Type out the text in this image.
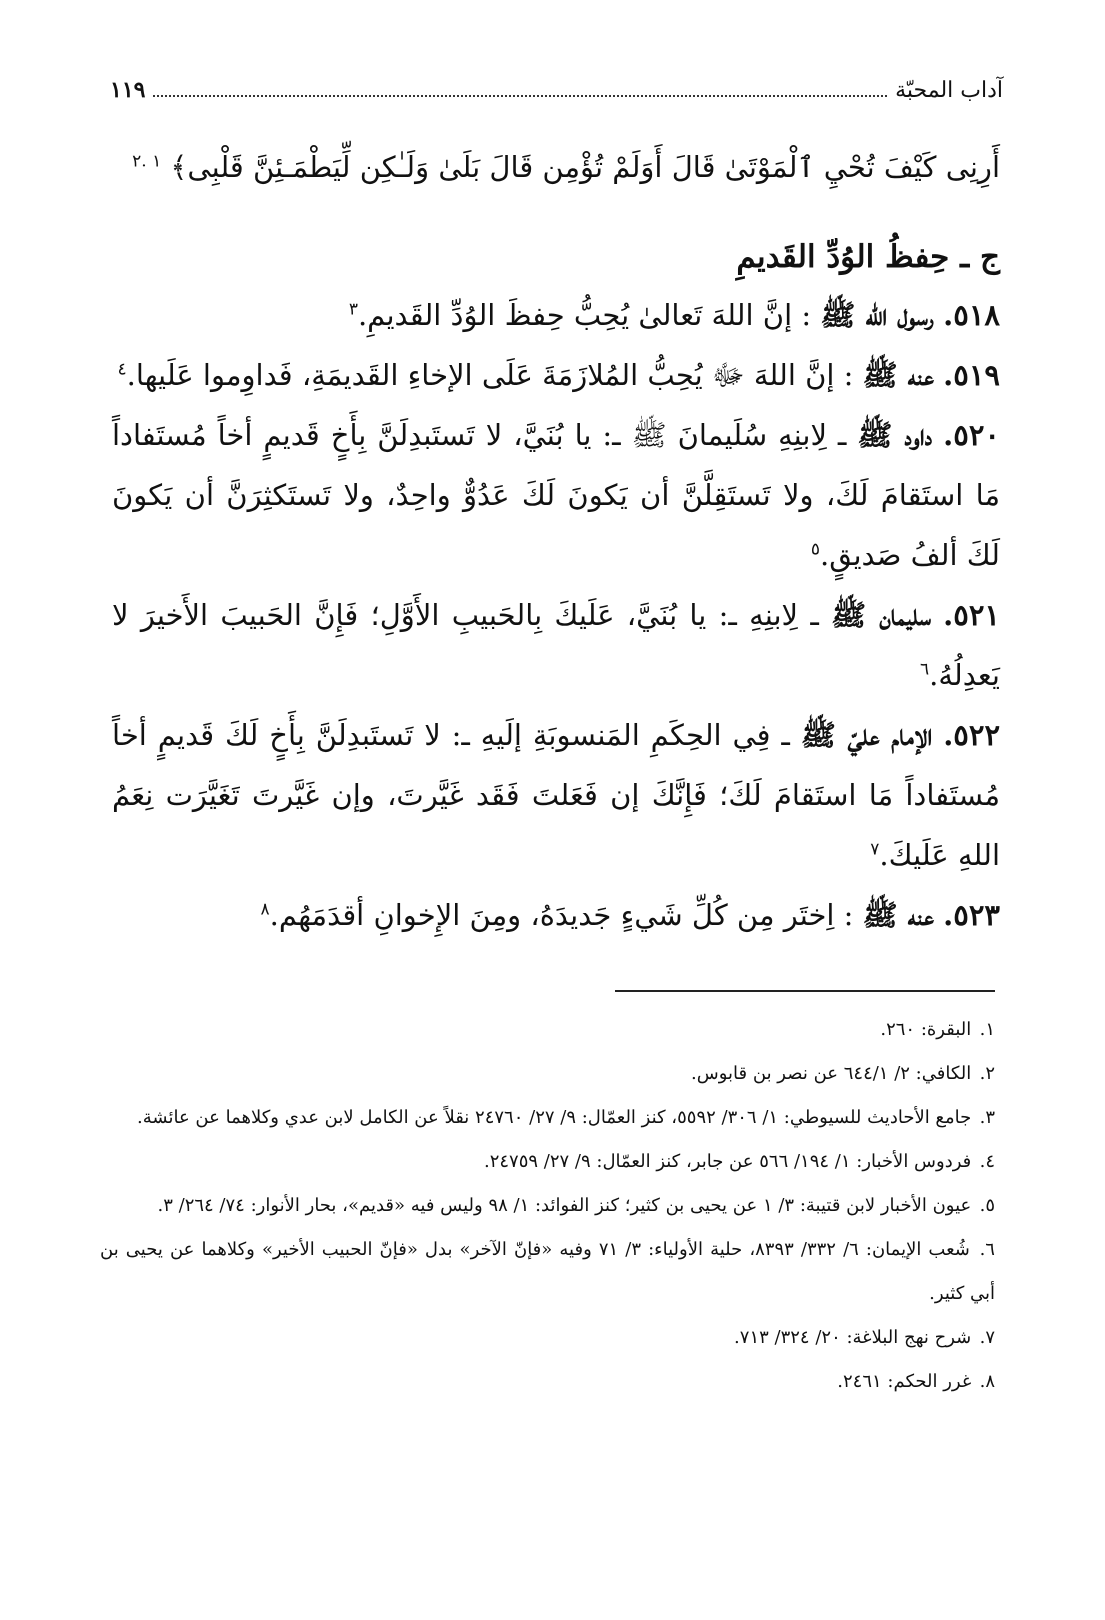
آداب المحبّة
١١٩

أَرِنِى كَيْفَ تُحْيِ ٱلْمَوْتَىٰ قَالَ أَوَلَمْ تُؤْمِن قَالَ بَلَىٰ وَلَـٰكِن لِّيَطْمَـئِنَّ قَلْبِى﴾ $^{١ .٢}$

ج ـ حِفظُ الوُدِّ القَديمِ

٥١٨. رسول الله ﷺ : إنَّ اللهَ تَعالىٰ يُحِبُّ حِفظَ الوُدِّ القَديمِ.$^٣$

٥١٩. عنه ﷺ : إنَّ اللهَ ﷻ يُحِبُّ المُلازَمَةَ عَلَى الإخاءِ القَديمَةِ، فَداوِموا عَلَيها.$^٤$

٥٢٠. داود ﷺ ـ لِابنِهِ سُلَيمانَ ﷺ ـ: يا بُنَيَّ، لا تَستَبدِلَنَّ بِأَخٍ قَديمٍ أخاً مُستَفاداً مَا استَقامَ لَكَ، ولا تَستَقِلَّنَّ أن يَكونَ لَكَ عَدُوٌّ واحِدٌ، ولا تَستَكثِرَنَّ أن يَكونَ لَكَ ألفُ صَديقٍ.$^٥$

٥٢١. سليمان ﷺ ـ لِابنِهِ ـ: يا بُنَيَّ، عَلَيكَ بِالحَبيبِ الأَوَّلِ؛ فَإِنَّ الحَبيبَ الأَخيرَ لا يَعدِلُهُ.$^٦$

٥٢٢. الإمام عليّ ﷺ ـ فِي الحِكَمِ المَنسوبَةِ إلَيهِ ـ: لا تَستَبدِلَنَّ بِأَخٍ لَكَ قَديمٍ أخاً مُستَفاداً مَا استَقامَ لَكَ؛ فَإِنَّكَ إن فَعَلتَ فَقَد غَيَّرتَ، وإن غَيَّرتَ تَغَيَّرَت نِعَمُ اللهِ عَلَيكَ.$^٧$

٥٢٣. عنه ﷺ : اِختَر مِن كُلِّ شَيءٍ جَديدَهُ، ومِنَ الإِخوانِ أقدَمَهُم.$^٨$

١. البقرة: ٢٦٠.

٢. الكافي: ٢/ ٦٤٤/١ عن نصر بن قابوس.

٣. جامع الأحاديث للسيوطي: ١/ ٣٠٦/ ٥٥٩٢، كنز العمّال: ٩/ ٢٧/ ٢٤٧٦٠ نقلاً عن الكامل لابن عدي وكلاهما عن عائشة.

٤. فردوس الأخبار: ١/ ١٩٤/ ٥٦٦ عن جابر، كنز العمّال: ٩/ ٢٧/ ٢٤٧٥٩.

٥. عيون الأخبار لابن قتيبة: ٣/ ١ عن يحيى بن كثير؛ كنز الفوائد: ١/ ٩٨ وليس فيه «قديم»، بحار الأنوار: ٧٤/ ٢٦٤/ ٣.

٦. شُعب الإيمان: ٦/ ٣٣٢/ ٨٣٩٣، حلية الأولياء: ٣/ ٧١ وفيه «فإنّ الآخر» بدل «فإنّ الحبيب الأخير» وكلاهما عن يحيى بن أبي كثير.

٧. شرح نهج البلاغة: ٢٠/ ٣٢٤/ ٧١٣.

٨. غرر الحكم: ٢٤٦١.
